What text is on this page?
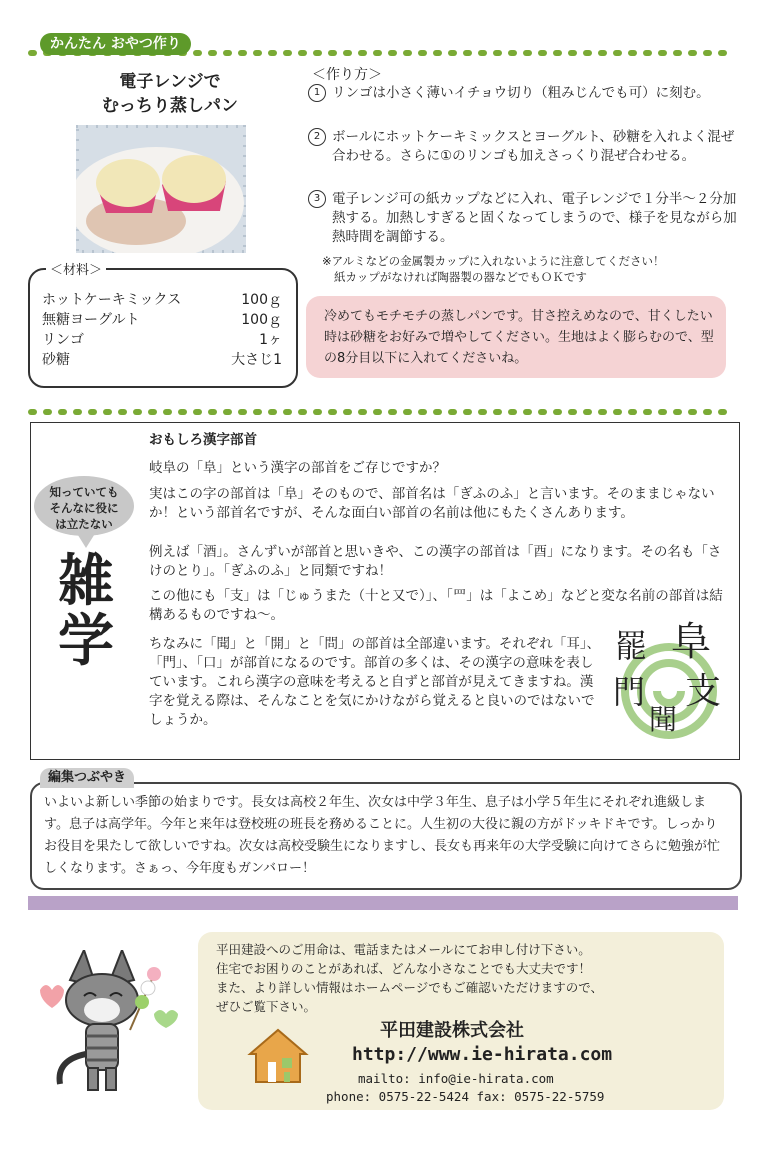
かんたん おやつ作り
電子レンジで
むっちり蒸しパン
＜作り方＞
1 リンゴは小さく薄いイチョウ切り（粗みじんでも可）に刻む。
2 ボールにホットケーキミックスとヨーグルト、砂糖を入れよく混ぜ合わせる。さらに①のリンゴも加えさっくり混ぜ合わせる。
3 電子レンジ可の紙カップなどに入れ、電子レンジで１分半～２分加熱する。加熱しすぎると固くなってしまうので、様子を見ながら加熱時間を調節する。
※アルミなどの金属製カップに入れないように注意してください！
紙カップがなければ陶器製の器などでもＯＫです
冷めてもモチモチの蒸しパンです。甘さ控えめなので、甘くしたい時は砂糖をお好みで増やしてください。生地はよく膨らむので、型の8分目以下に入れてくださいね。
ホットケーキミックス	100ｇ
無糖ヨーグルト	100ｇ
リンゴ	1ヶ
砂糖	大さじ1
＜材料＞
おもしろ漢字部首
岐阜の「阜」という漢字の部首をご存じですか？
実はこの字の部首は「阜」そのもので、部首名は「ぎふのふ」と言います。そのままじゃないか！という部首名ですが、そんな面白い部首の名前は他にもたくさんあります。
例えば「酒」。さんずいが部首と思いきや、この漢字の部首は「酉」になります。その名も「さけのとり」。「ぎふのふ」と同類ですね！
この他にも「支」は「じゅうまた（十と又で）」、「罒」は「よこめ」などと変な名前の部首は結構あるものですね～。
ちなみに「聞」と「開」と「問」の部首は全部違います。それぞれ「耳」、「門」、「口」が部首になるのです。部首の多くは、その漢字の意味を表しています。これら漢字の意味を考えると自ずと部首が見えてきますね。漢字を覚える際は、そんなことを気にかけながら覚えると良いのではないでしょうか。
罷 阜
支
門
聞
知っていても
そんなに役に
は立たない
雑
学
いよいよ新しい季節の始まりです。長女は高校２年生、次女は中学３年生、息子は小学５年生にそれぞれ進級します。息子は高学年。今年と来年は登校班の班長を務めることに。人生初の大役に親の方がドッキドキです。しっかりお役目を果たして欲しいですね。次女は高校受験生になりますし、長女も再来年の大学受験に向けてさらに勉強が忙しくなります。さぁっ、今年度もガンバロー！
編集つぶやき
平田建設へのご用命は、電話またはメールにてお申し付け下さい。
住宅でお困りのことがあれば、どんな小さなことでも大丈夫です！
また、より詳しい情報はホームページでもご確認いただけますので、
ぜひご覧下さい。
平田建設株式会社
http://www.ie-hirata.com
mailto: info@ie-hirata.com
phone: 0575-22-5424 fax: 0575-22-5759
